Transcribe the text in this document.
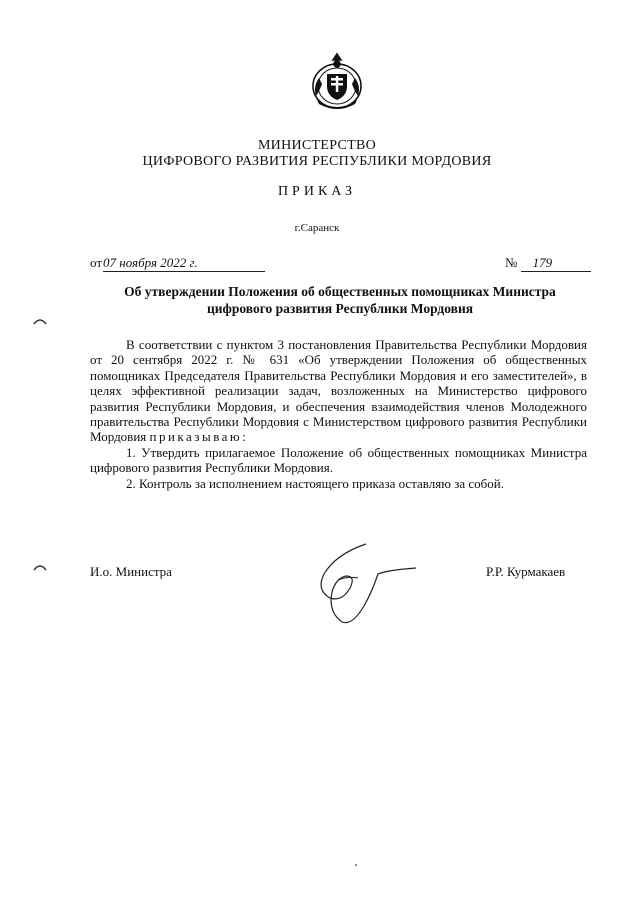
МИНИСТЕРСТВО
ЦИФРОВОГО РАЗВИТИЯ РЕСПУБЛИКИ МОРДОВИЯ
ПРИКАЗ
г.Саранск
от07 ноября 2022 г.	№ 179
Об утверждении Положения об общественных помощниках Министра цифрового развития Республики Мордовия

В соответствии с пунктом 3 постановления Правительства Республики Мордовия от 20 сентября 2022 г. № 631 «Об утверждении Положения об общественных помощниках Председателя Правительства Республики Мордовия и его заместителей», в целях эффективной реализации задач, возложенных на Министерство цифрового развития Республики Мордовия, и обеспечения взаимодействия членов Молодежного правительства Республики Мордовия с Министерством цифрового развития Республики Мордовия приказываю:

1. Утвердить прилагаемое Положение об общественных помощниках Министра цифрового развития Республики Мордовия.

2. Контроль за исполнением настоящего приказа оставляю за собой.

И.о. Министра	Р.Р. Курмакаев
